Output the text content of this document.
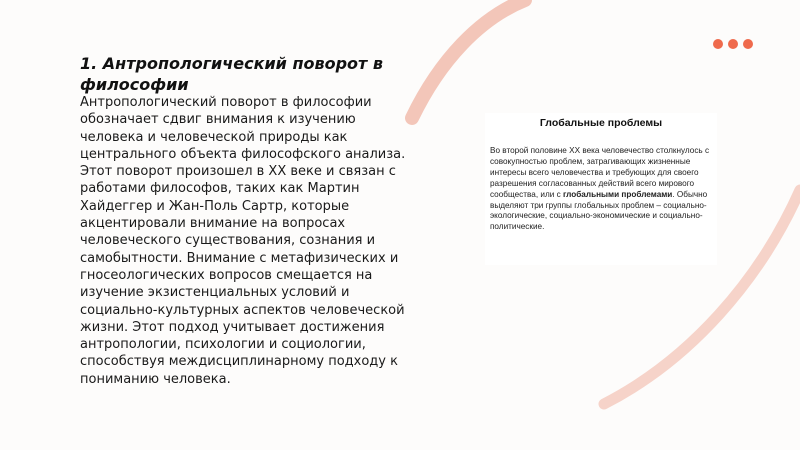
1. Антропологический поворот в философии

Антропологический поворот в философии обозначает сдвиг внимания к изучению человека и человеческой природы как центрального объекта философского анализа. Этот поворот произошел в XX веке и связан с работами философов, таких как Мартин Хайдеггер и Жан-Поль Сартр, которые акцентировали внимание на вопросах человеческого существования, сознания и самобытности. Внимание с метафизических и гносеологических вопросов смещается на изучение экзистенциальных условий и социально-культурных аспектов человеческой жизни. Этот подход учитывает достижения антропологии, психологии и социологии, способствуя междисциплинарному подходу к пониманию человека.

Глобальные проблемы

Во второй половине XX века человечество столкнулось с совокупностью проблем, затрагивающих жизненные интересы всего человечества и требующих для своего разрешения согласованных действий всего мирового сообщества, или с глобальными проблемами. Обычно выделяют три группы глобальных проблем – социально-экологические, социально-экономические и социально-политические.
